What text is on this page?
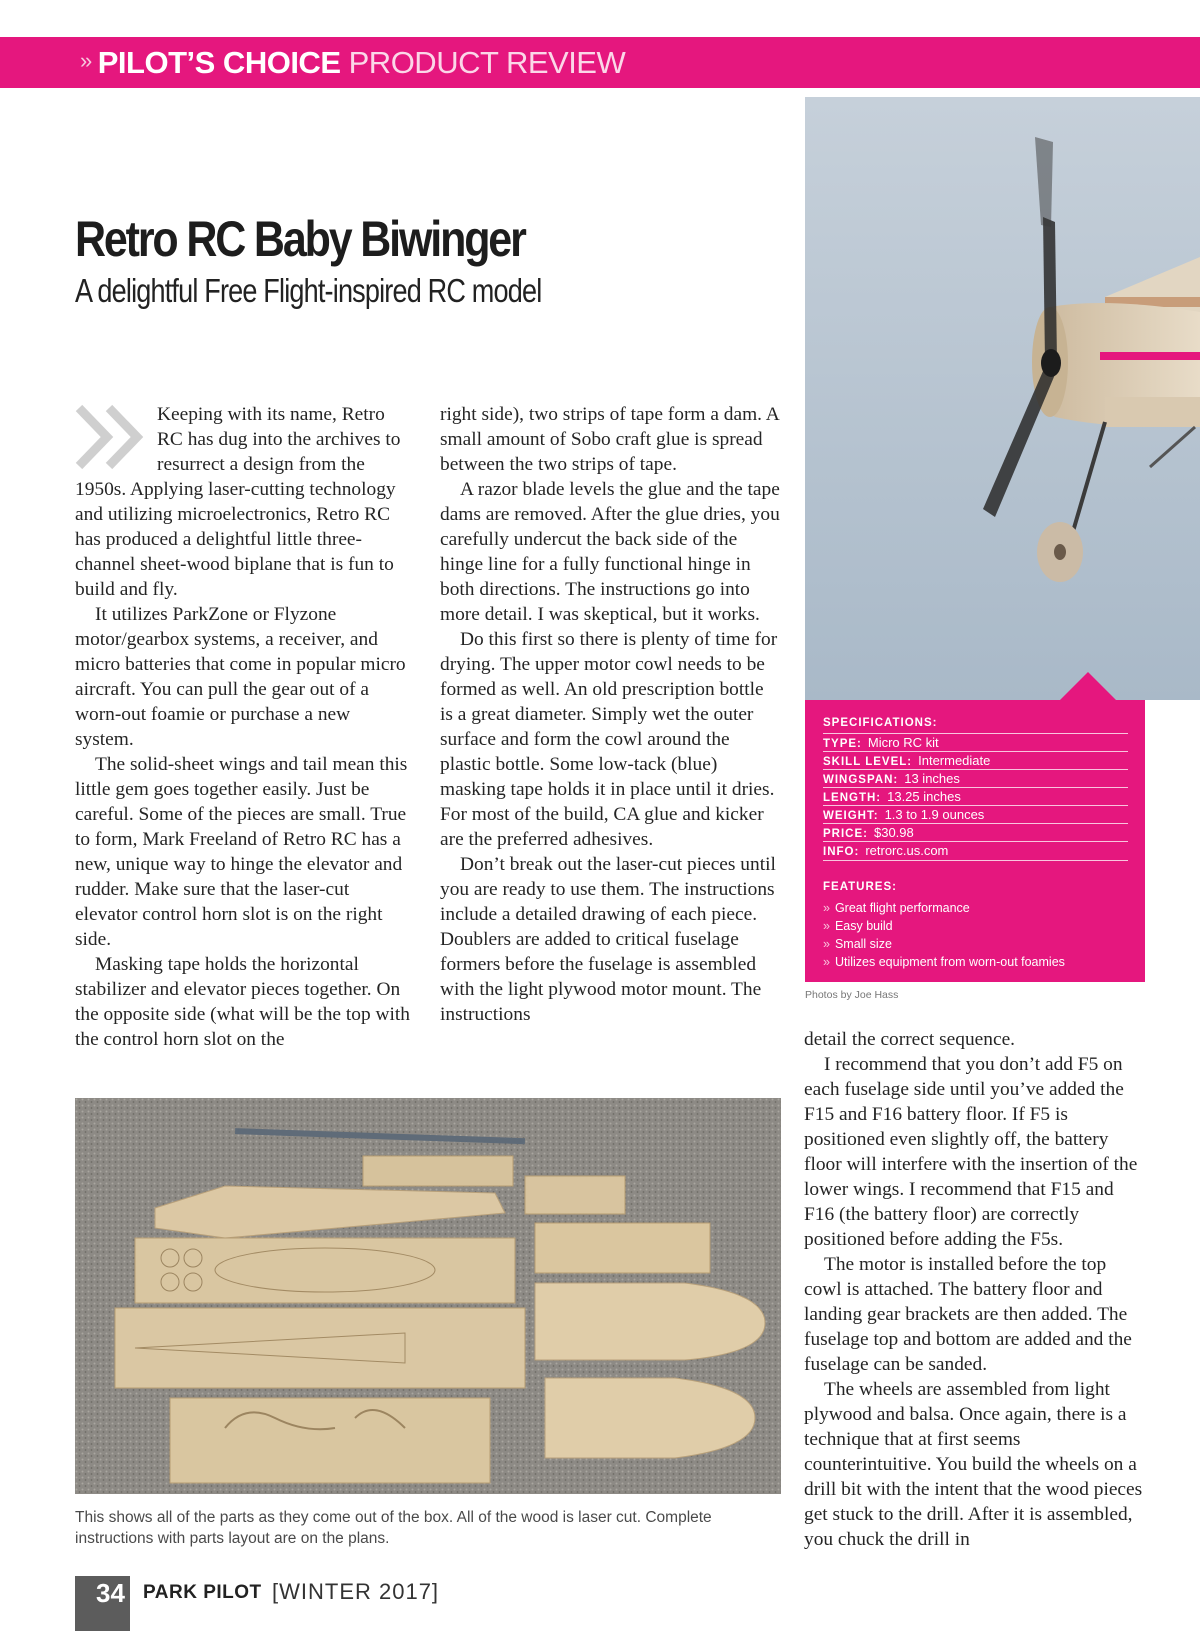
» PILOT’S CHOICE PRODUCT REVIEW
Retro RC Baby Biwinger
A delightful Free Flight-inspired RC model

Keeping with its name, Retro RC has dug into the archives to resurrect a design from the 1950s. Applying laser-cutting technology and utilizing microelectronics, Retro RC has produced a delightful little three-channel sheet-wood biplane that is fun to build and fly.

It utilizes ParkZone or Flyzone motor/gearbox systems, a receiver, and micro batteries that come in popular micro aircraft. You can pull the gear out of a worn-out foamie or purchase a new system.

The solid-sheet wings and tail mean this little gem goes together easily. Just be careful. Some of the pieces are small. True to form, Mark Freeland of Retro RC has a new, unique way to hinge the elevator and rudder. Make sure that the laser-cut elevator control horn slot is on the right side.

Masking tape holds the horizontal stabilizer and elevator pieces together. On the opposite side (what will be the top with the control horn slot on the

right side), two strips of tape form a dam. A small amount of Sobo craft glue is spread between the two strips of tape.

A razor blade levels the glue and the tape dams are removed. After the glue dries, you carefully undercut the back side of the hinge line for a fully functional hinge in both directions. The instructions go into more detail. I was skeptical, but it works.

Do this first so there is plenty of time for drying. The upper motor cowl needs to be formed as well. An old prescription bottle is a great diameter. Simply wet the outer surface and form the cowl around the plastic bottle. Some low-tack (blue) masking tape holds it in place until it dries. For most of the build, CA glue and kicker are the preferred adhesives.

Don’t break out the laser-cut pieces until you are ready to use them. The instructions include a detailed drawing of each piece. Doublers are added to critical fuselage formers before the fuselage is assembled with the light plywood motor mount. The instructions

SPECIFICATIONS:
TYPE: Micro RC kit
SKILL LEVEL: Intermediate
WINGSPAN: 13 inches
LENGTH: 13.25 inches
WEIGHT: 1.3 to 1.9 ounces
PRICE: $30.98
INFO: retrorc.us.com
FEATURES:
» Great flight performance
» Easy build
» Small size
» Utilizes equipment from worn-out foamies
Photos by Joe Hass

detail the correct sequence.

I recommend that you don’t add F5 on each fuselage side until you’ve added the F15 and F16 battery floor. If F5 is positioned even slightly off, the battery floor will interfere with the insertion of the lower wings. I recommend that F15 and F16 (the battery floor) are correctly positioned before adding the F5s.

The motor is installed before the top cowl is attached. The battery floor and landing gear brackets are then added. The fuselage top and bottom are added and the fuselage can be sanded.

The wheels are assembled from light plywood and balsa. Once again, there is a technique that at first seems counterintuitive. You build the wheels on a drill bit with the intent that the wood pieces get stuck to the drill. After it is assembled, you chuck the drill in

This shows all of the parts as they come out of the box. All of the wood is laser cut. Complete instructions with parts layout are on the plans.
34 PARK PILOT [WINTER 2017]
